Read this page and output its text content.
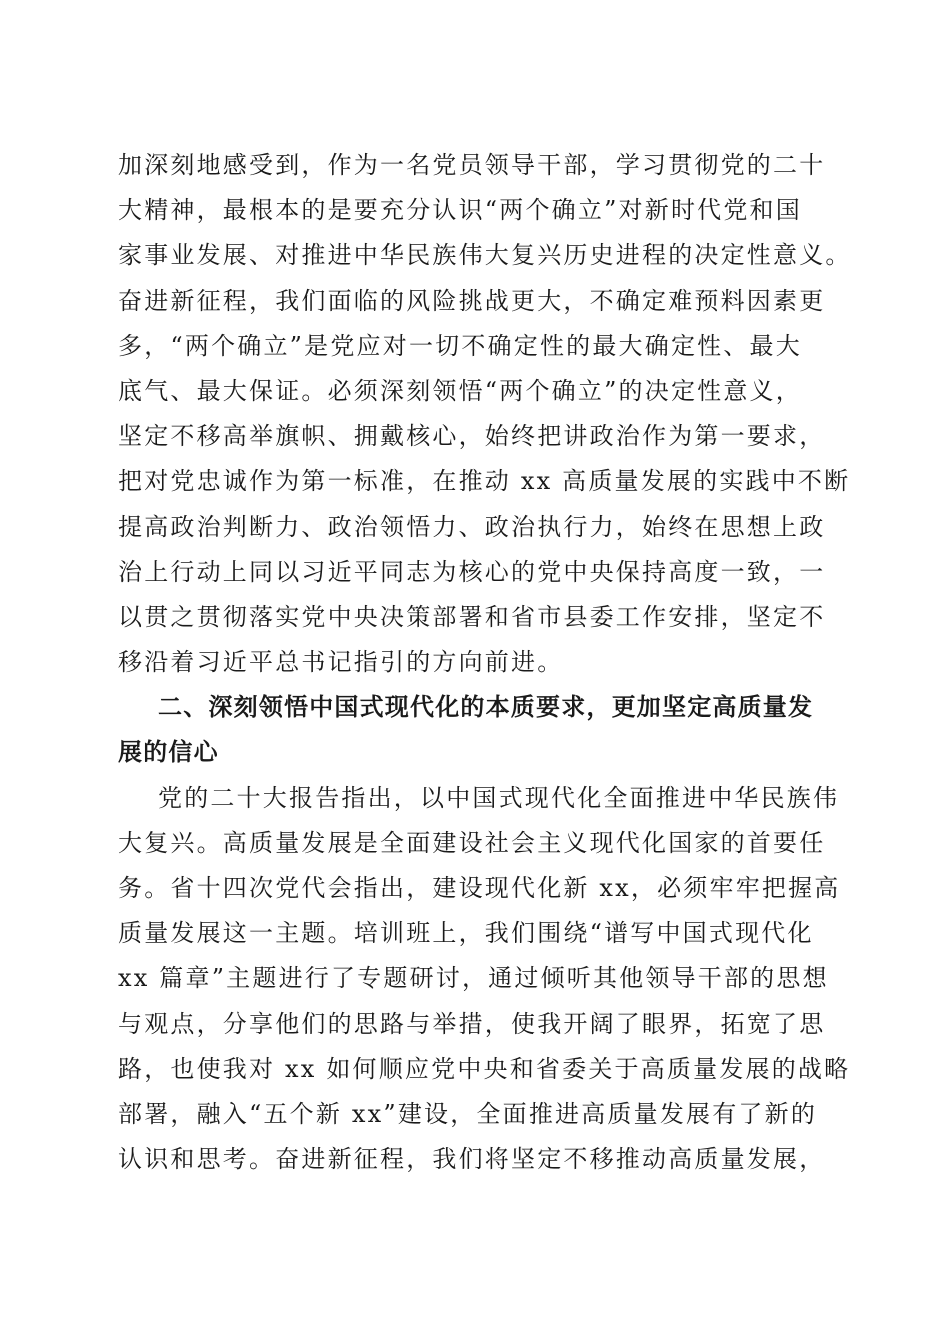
加深刻地感受到，作为一名党员领导干部，学习贯彻党的二十
大精神，最根本的是要充分认识“两个确立”对新时代党和国
家事业发展、对推进中华民族伟大复兴历史进程的决定性意义。
奋进新征程，我们面临的风险挑战更大，不确定难预料因素更
多，“两个确立”是党应对一切不确定性的最大确定性、最大
底气、最大保证。必须深刻领悟“两个确立”的决定性意义，
坚定不移高举旗帜、拥戴核心，始终把讲政治作为第一要求，
把对党忠诚作为第一标准，在推动 xx 高质量发展的实践中不断
提高政治判断力、政治领悟力、政治执行力，始终在思想上政
治上行动上同以习近平同志为核心的党中央保持高度一致，一
以贯之贯彻落实党中央决策部署和省市县委工作安排，坚定不
移沿着习近平总书记指引的方向前进。
二、深刻领悟中国式现代化的本质要求，更加坚定高质量发
展的信心
党的二十大报告指出，以中国式现代化全面推进中华民族伟
大复兴。高质量发展是全面建设社会主义现代化国家的首要任
务。省十四次党代会指出，建设现代化新 xx，必须牢牢把握高
质量发展这一主题。培训班上，我们围绕“谱写中国式现代化
xx 篇章”主题进行了专题研讨，通过倾听其他领导干部的思想
与观点，分享他们的思路与举措，使我开阔了眼界，拓宽了思
路，也使我对 xx 如何顺应党中央和省委关于高质量发展的战略
部署，融入“五个新 xx”建设，全面推进高质量发展有了新的
认识和思考。奋进新征程，我们将坚定不移推动高质量发展，
